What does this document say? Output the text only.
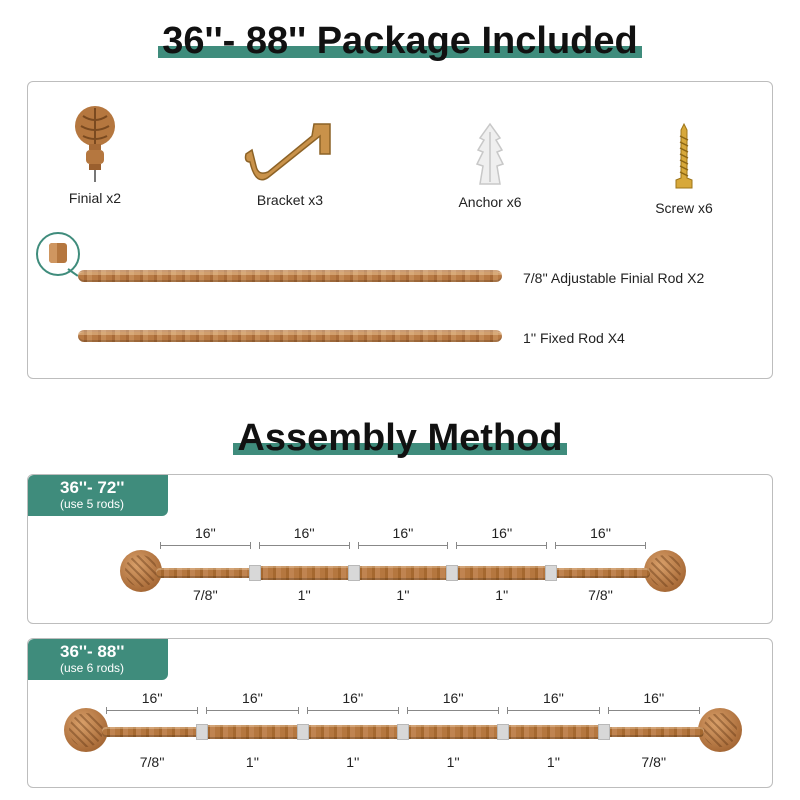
36''- 88'' Package Included
Finial x2	Bracket x3	Anchor x6	Screw x6
7/8'' Adjustable Finial Rod X2
1'' Fixed Rod X4
Assembly Method
36''- 72''
(use 5 rods)
16''
7/8''
16''
1''
16''
1''
16''
1''
16''
7/8''
36''- 88''
(use 6 rods)
16''
7/8''
16''
1''
16''
1''
16''
1''
16''
1''
16''
7/8''
